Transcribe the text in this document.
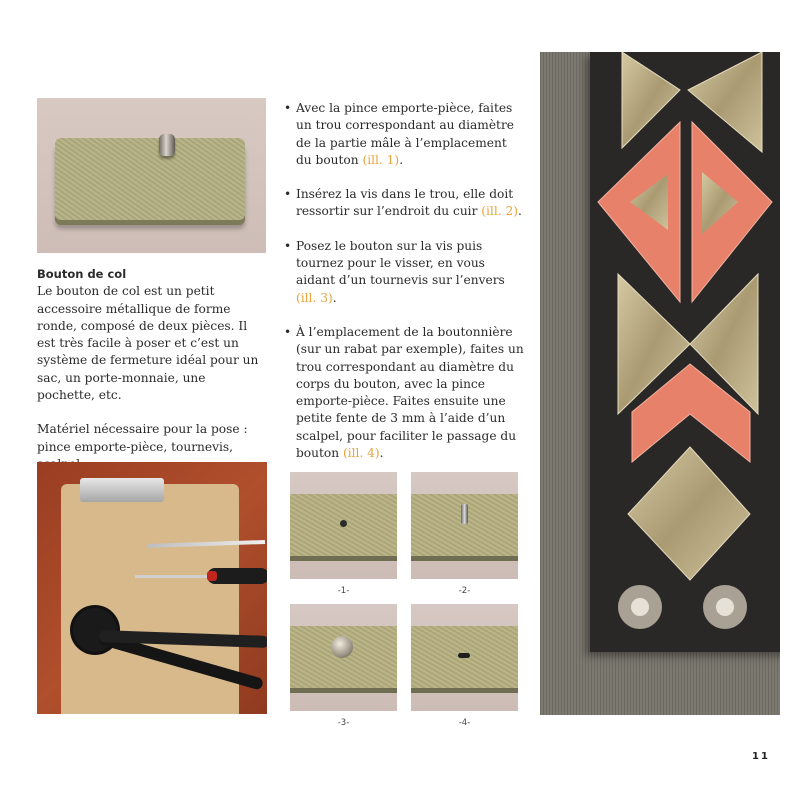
Bouton de col

Le bouton de col est un petit accessoire métallique de forme ronde, composé de deux pièces. Il est très facile à poser et c’est un système de fermeture idéal pour un sac, un porte-monnaie, une pochette, etc.

Matériel nécessaire pour la pose : pince emporte-pièce, tournevis,

• Avec la pince emporte-pièce, faites un trou correspondant au diamètre de la partie mâle à l’emplacement du bouton (ill. 1).
• Insérez la vis dans le trou, elle doit ressortir sur l’endroit du cuir (ill. 2).
• Posez le bouton sur la vis puis tournez pour le visser, en vous aidant d’un tournevis sur l’envers (ill. 3).
• À l’emplacement de la boutonnière (sur un rabat par exemple), faites un trou correspondant au diamètre du corps du bouton, avec la pince emporte-pièce. Faites ensuite une petite fente de 3 mm à l’aide d’un scalpel, pour faciliter le passage du bouton (ill. 4).
-1-	-2-
-3-	-4-
11
